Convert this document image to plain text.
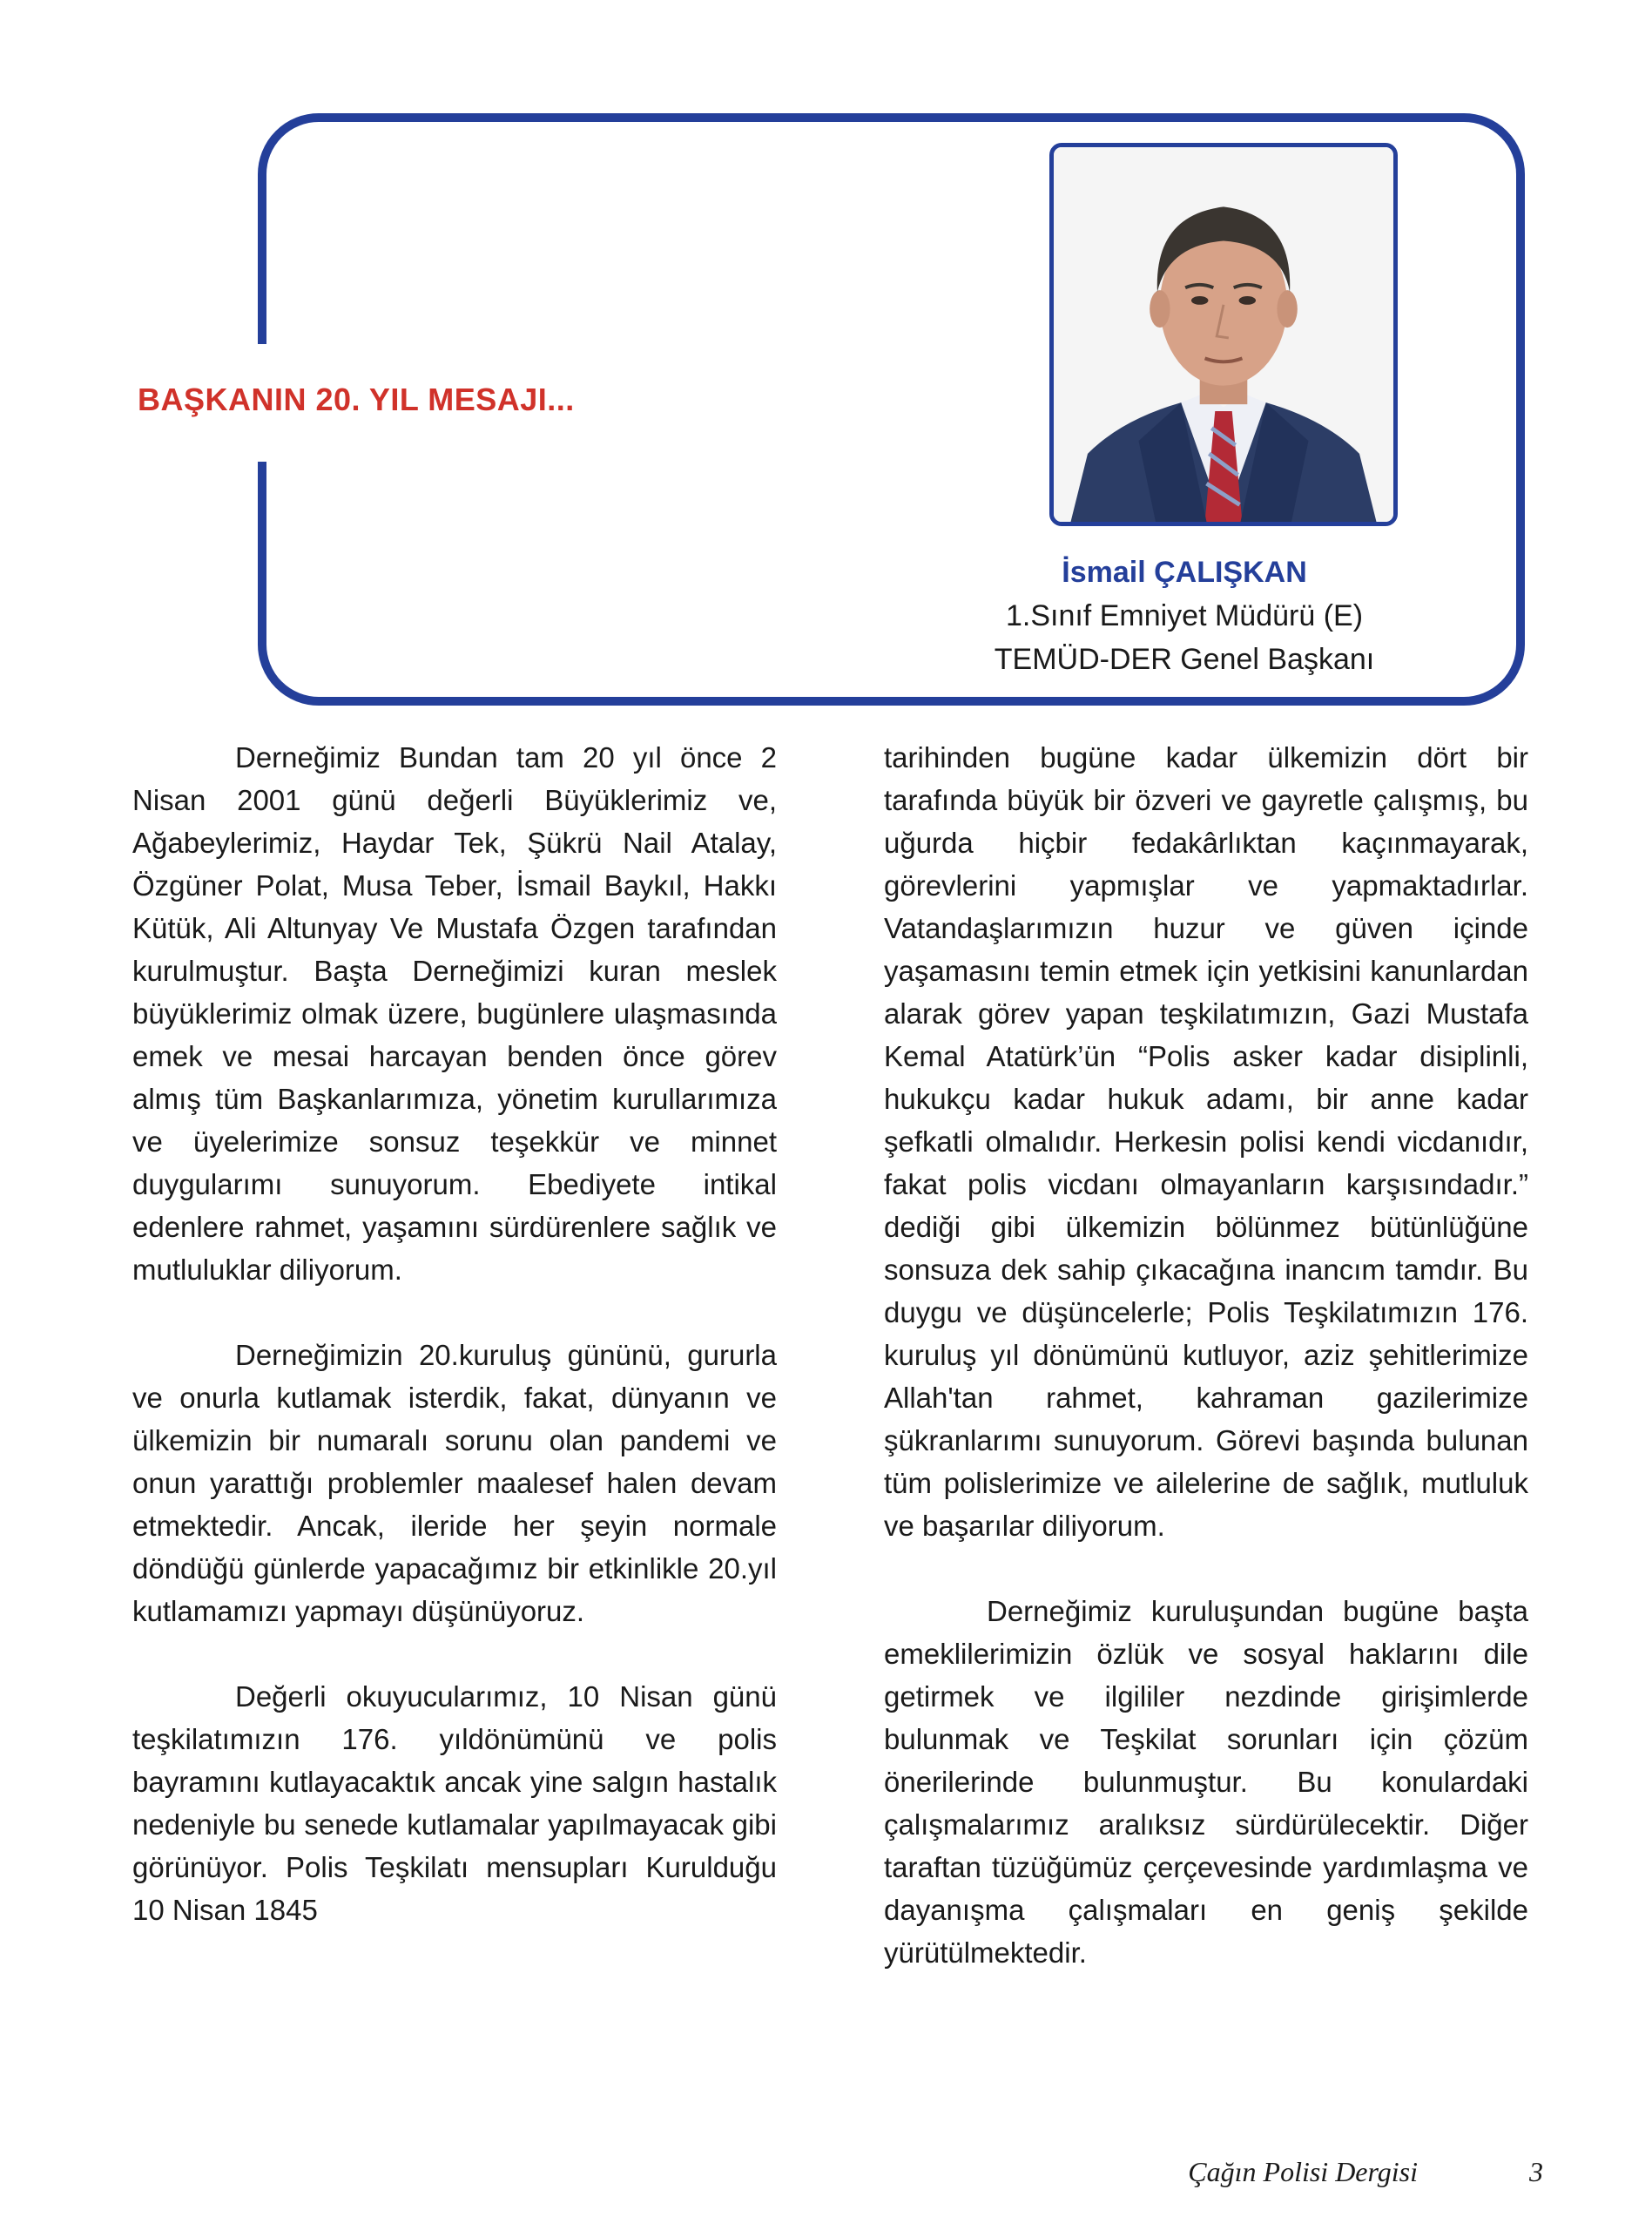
BAŞKANIN 20. YIL MESAJI...
İsmail ÇALIŞKAN
1.Sınıf Emniyet Müdürü (E)
TEMÜD-DER Genel Başkanı

Derneğimiz Bundan tam 20 yıl önce 2 Nisan 2001 günü değerli Büyüklerimiz ve, Ağabeylerimiz, Haydar Tek, Şükrü Nail Atalay, Özgüner Polat, Musa Teber, İsmail Baykıl, Hakkı Kütük, Ali Altunyay Ve Mustafa Özgen tarafından kurulmuştur. Başta Derneğimizi kuran meslek büyüklerimiz olmak üzere, bugünlere ulaşmasında emek ve mesai harcayan benden önce görev almış tüm Başkanlarımıza, yönetim kurullarımıza ve üyelerimize sonsuz teşekkür ve minnet duygularımı sunuyorum. Ebediyete intikal edenlere rahmet, yaşamını sürdürenlere sağlık ve mutluluklar diliyorum.

Derneğimizin 20.kuruluş gününü, gururla ve onurla kutlamak isterdik, fakat, dünyanın ve ülkemizin bir numaralı sorunu olan pandemi ve onun yarattığı problemler maalesef halen devam etmektedir. Ancak, ileride her şeyin normale döndüğü günlerde yapacağımız bir etkinlikle 20.yıl kutlamamızı yapmayı düşünüyoruz.

Değerli okuyucularımız, 10 Nisan günü teşkilatımızın 176. yıldönümünü ve polis bayramını kutlayacaktık ancak yine salgın hastalık nedeniyle bu senede kutlamalar yapılmayacak gibi görünüyor. Polis Teşkilatı mensupları Kurulduğu 10 Nisan 1845

tarihinden bugüne kadar ülkemizin dört bir tarafında büyük bir özveri ve gayretle çalışmış, bu uğurda hiçbir fedakârlıktan kaçınmayarak, görevlerini yapmışlar ve yapmaktadırlar. Vatandaşlarımızın huzur ve güven içinde yaşamasını temin etmek için yetkisini kanunlardan alarak görev yapan teşkilatımızın, Gazi Mustafa Kemal Atatürk’ün “Polis asker kadar disiplinli, hukukçu kadar hukuk adamı, bir anne kadar şefkatli olmalıdır. Herkesin polisi kendi vicdanıdır, fakat polis vicdanı olmayanların karşısındadır.” dediği gibi ülkemizin bölünmez bütünlüğüne sonsuza dek sahip çıkacağına inancım tamdır. Bu duygu ve düşüncelerle; Polis Teşkilatımızın 176. kuruluş yıl dönümünü kutluyor, aziz şehitlerimize Allah'tan rahmet, kahraman gazilerimize şükranlarımı sunuyorum. Görevi başında bulunan tüm polislerimize ve ailelerine de sağlık, mutluluk ve başarılar diliyorum.

Derneğimiz kuruluşundan bugüne başta emeklilerimizin özlük ve sosyal haklarını dile getirmek ve ilgililer nezdinde girişimlerde bulunmak ve Teşkilat sorunları için çözüm önerilerinde bulunmuştur. Bu konulardaki çalışmalarımız aralıksız sürdürülecektir. Diğer taraftan tüzüğümüz çerçevesinde yardımlaşma ve dayanışma çalışmaları en geniş şekilde yürütülmektedir.

Çağın Polisi Dergisi	3
